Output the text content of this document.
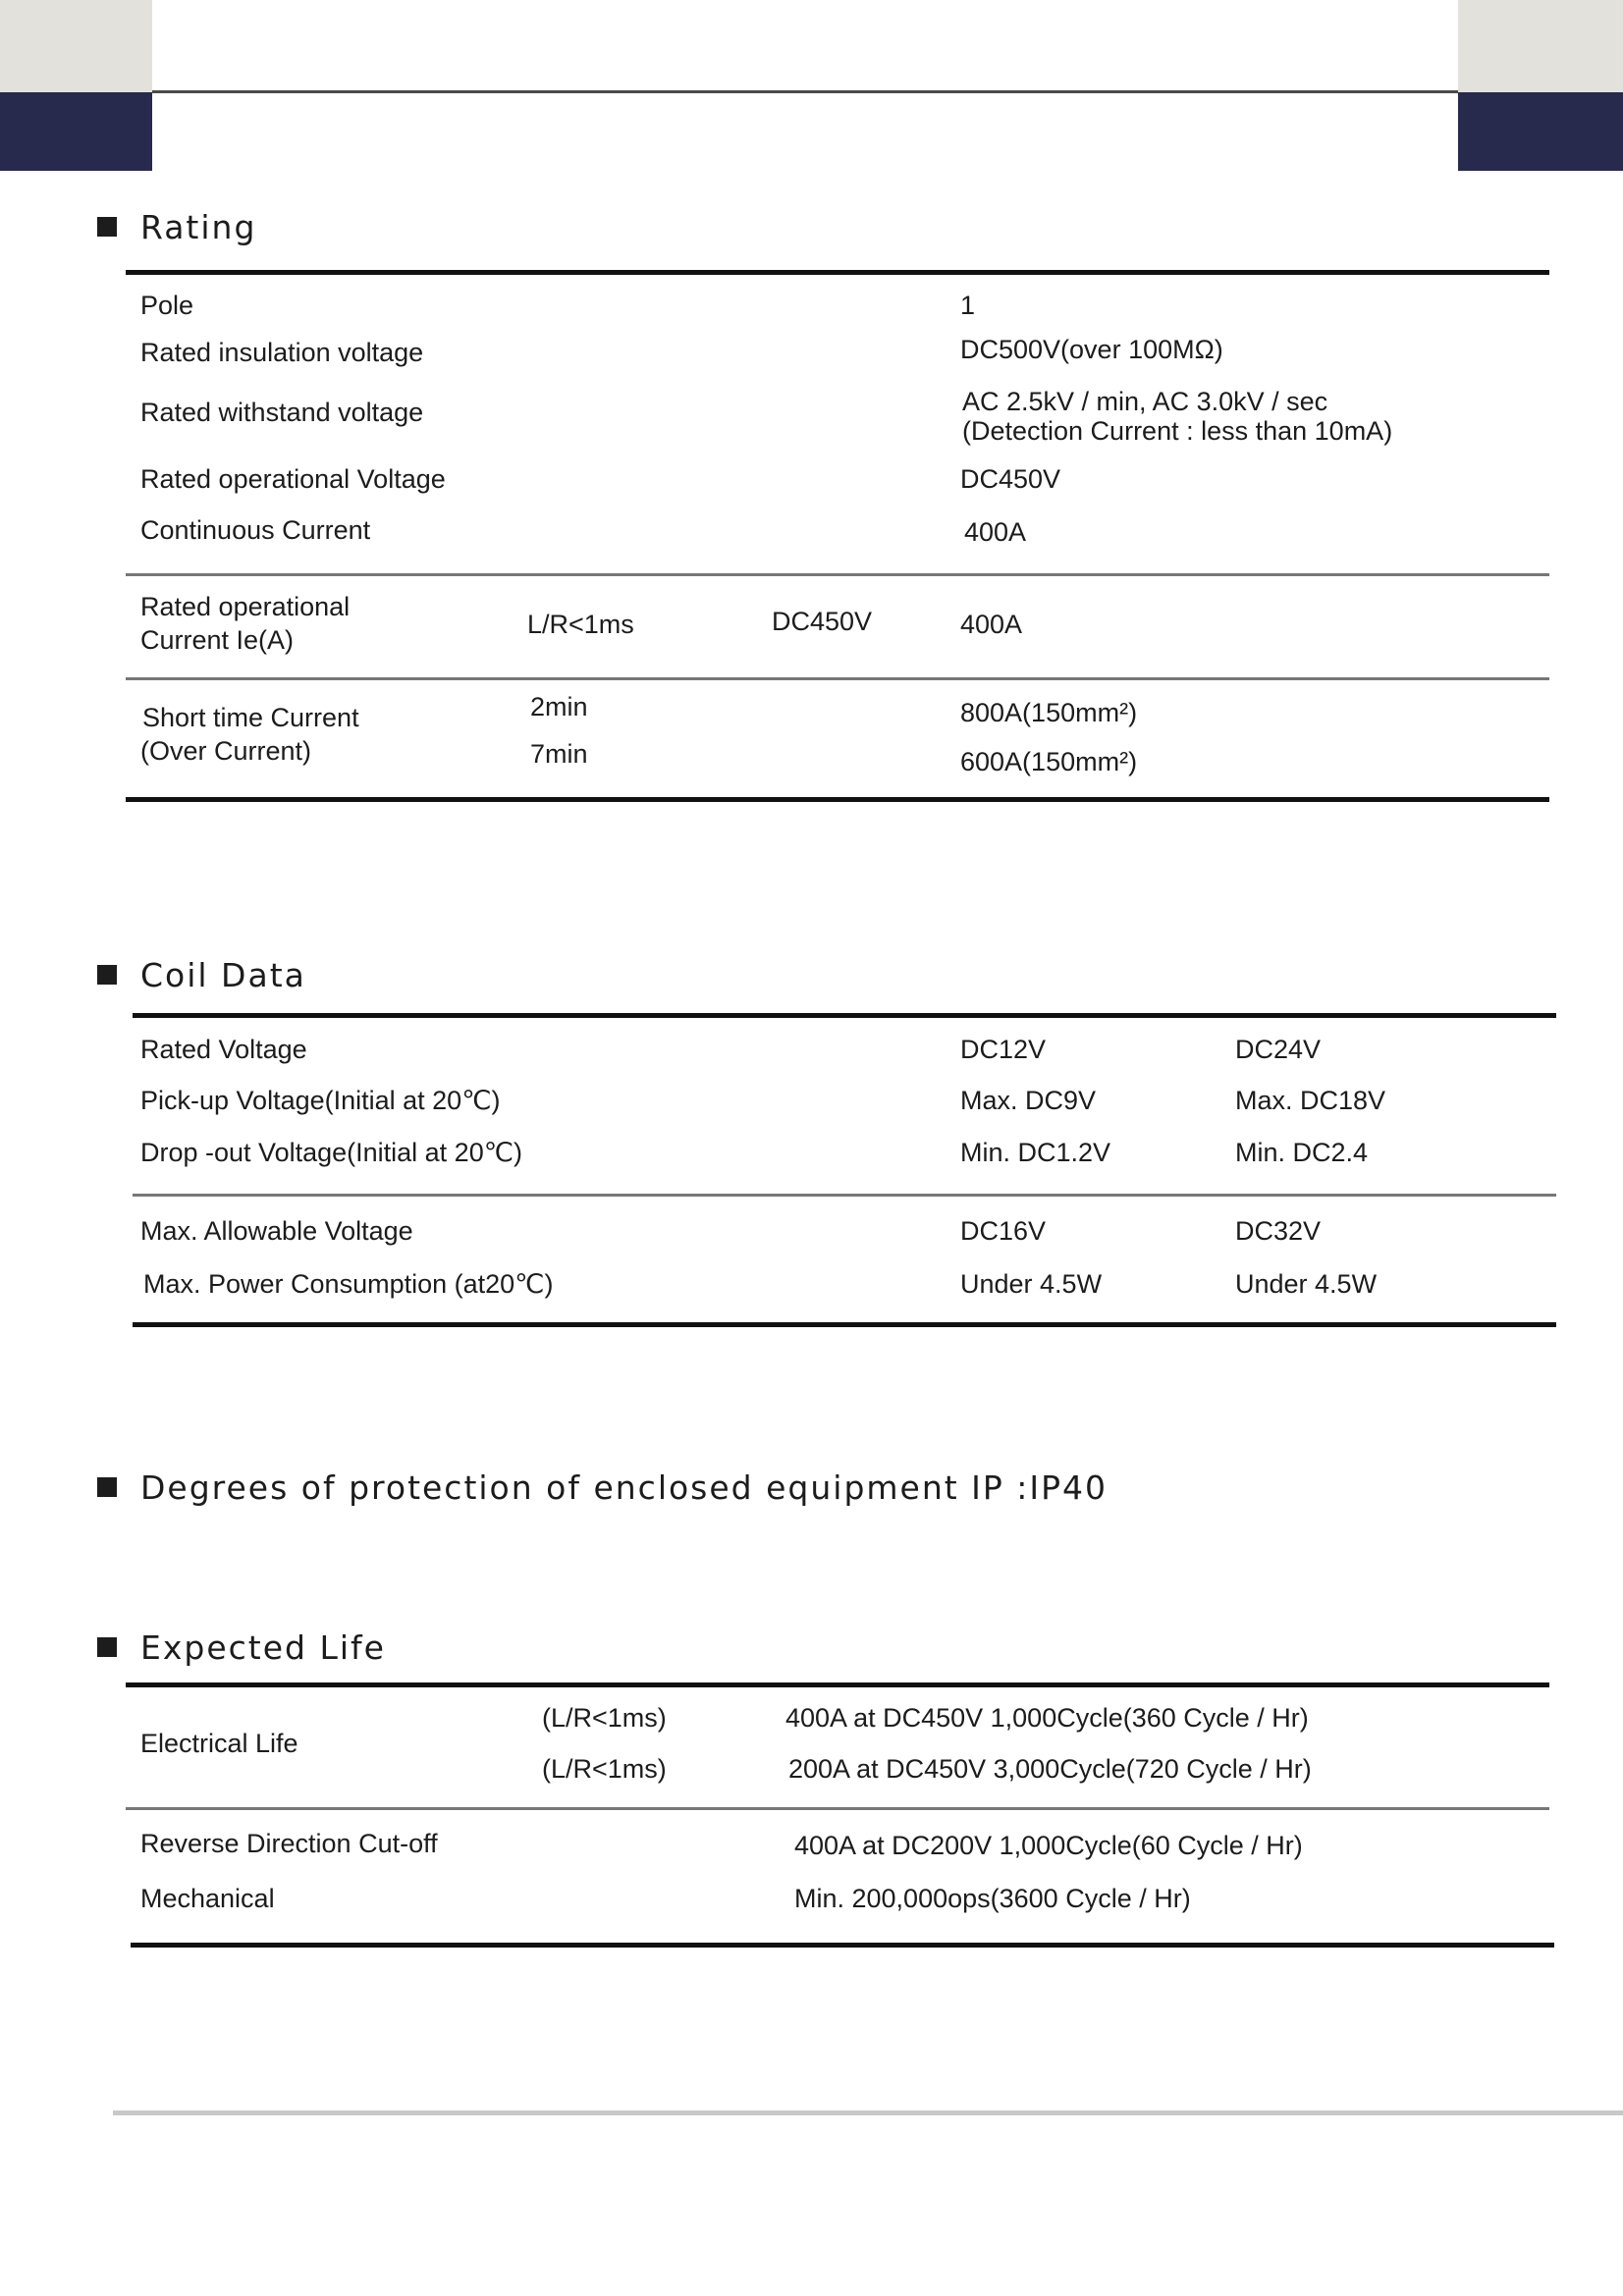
Rating
Pole	1
Rated insulation voltage	DC500V(over 100MΩ)
Rated withstand voltage	AC 2.5kV / min, AC 3.0kV / sec
(Detection Current : less than 10mA)
Rated operational Voltage	DC450V
Continuous Current	400A
Rated operational
Current Ie(A)
L/R<1ms	DC450V	400A
Short time Current
(Over Current)
2min	800A(150mm²)
7min	600A(150mm²)
Coil Data
Rated Voltage	DC12V	DC24V
Pick-up Voltage(Initial at 20℃)	Max. DC9V	Max. DC18V
Drop -out Voltage(Initial at 20℃)	Min. DC1.2V	Min. DC2.4
Max. Allowable Voltage	DC16V	DC32V
Max. Power Consumption (at20℃)	Under 4.5W	Under 4.5W
Degrees of protection of enclosed equipment IP :IP40
Expected Life
Electrical Life
(L/R<1ms)	400A at DC450V 1,000Cycle(360 Cycle / Hr)
(L/R<1ms)	200A at DC450V 3,000Cycle(720 Cycle / Hr)
Reverse Direction Cut-off	400A at DC200V 1,000Cycle(60 Cycle / Hr)
Mechanical	Min. 200,000ops(3600 Cycle / Hr)
